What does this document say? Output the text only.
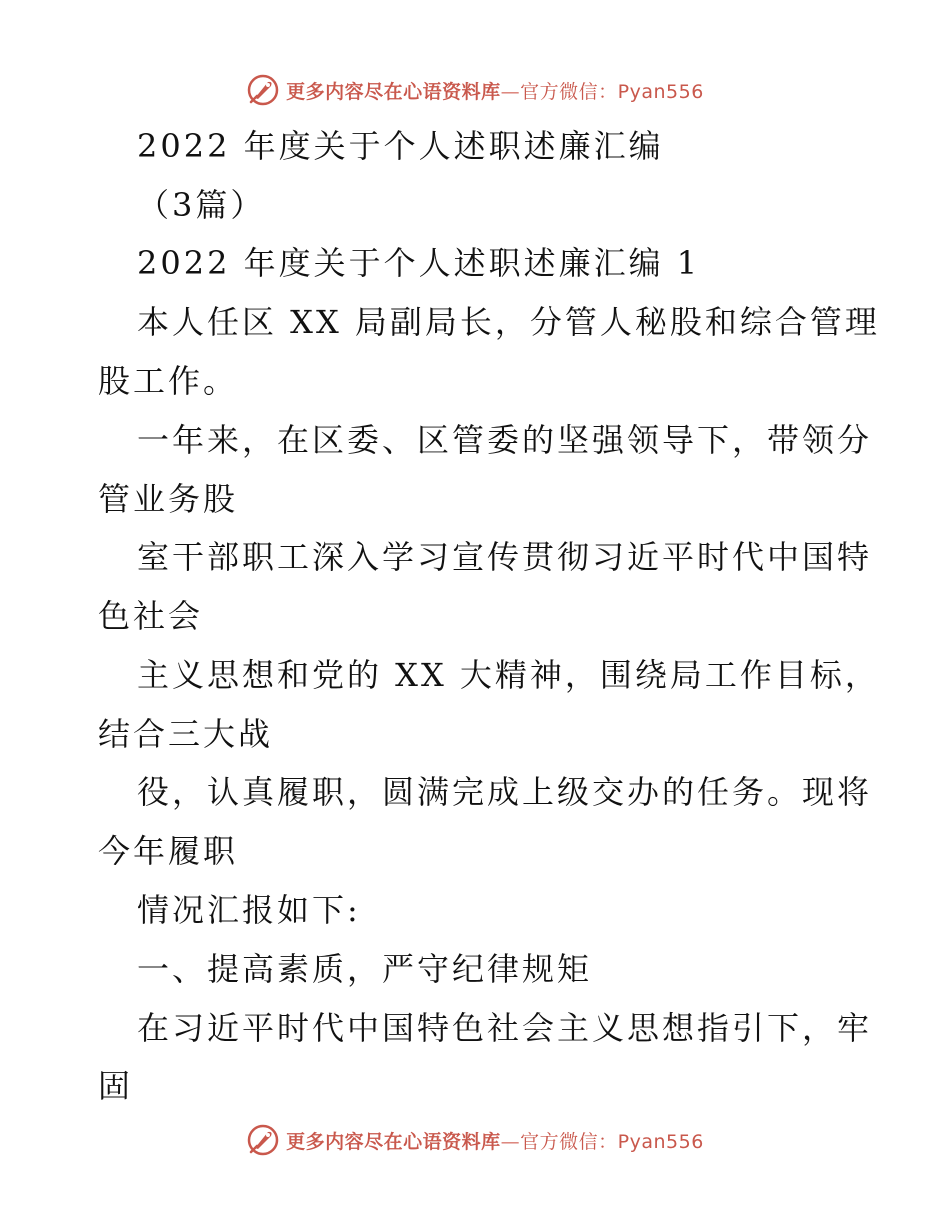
更多内容尽在心语资料库—官方微信：Pyan556

2022 年度关于个人述职述廉汇编

（3篇）

2022 年度关于个人述职述廉汇编 1

本人任区 XX 局副局长，分管人秘股和综合管理

股工作。

一年来，在区委、区管委的坚强领导下，带领分

管业务股

室干部职工深入学习宣传贯彻习近平时代中国特

色社会

主义思想和党的 XX 大精神，围绕局工作目标，

结合三大战

役，认真履职，圆满完成上级交办的任务。现将

今年履职

情况汇报如下:

一、提高素质，严守纪律规矩

在习近平时代中国特色社会主义思想指引下，牢

固

更多内容尽在心语资料库—官方微信：Pyan556
